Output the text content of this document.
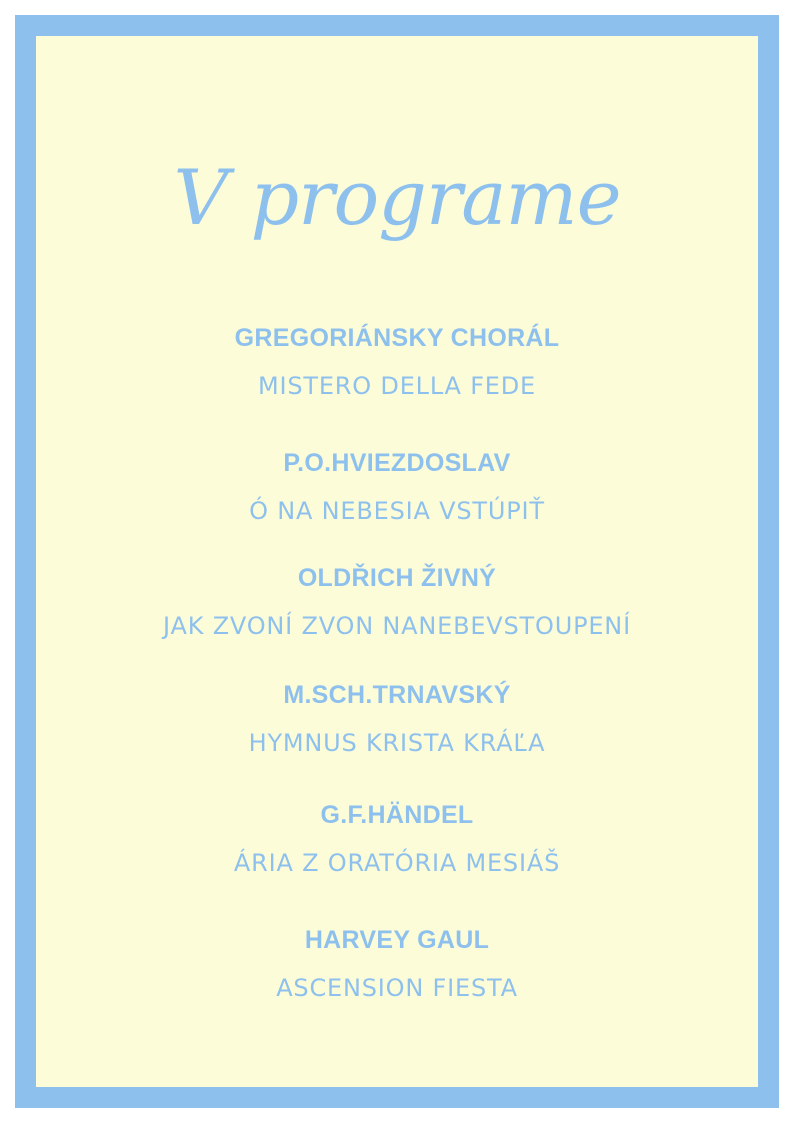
V programe
GREGORIÁNSKY CHORÁL
MISTERO DELLA FEDE
P.O.HVIEZDOSLAV
Ó NA NEBESIA VSTÚPIŤ
OLDŘICH ŽIVNÝ
JAK ZVONÍ ZVON NANEBEVSTOUPENÍ
M.SCH.TRNAVSKÝ
HYMNUS KRISTA KRÁĽA
G.F.HÄNDEL
ÁRIA Z ORATÓRIA MESIÁŠ
HARVEY GAUL
ASCENSION FIESTA
